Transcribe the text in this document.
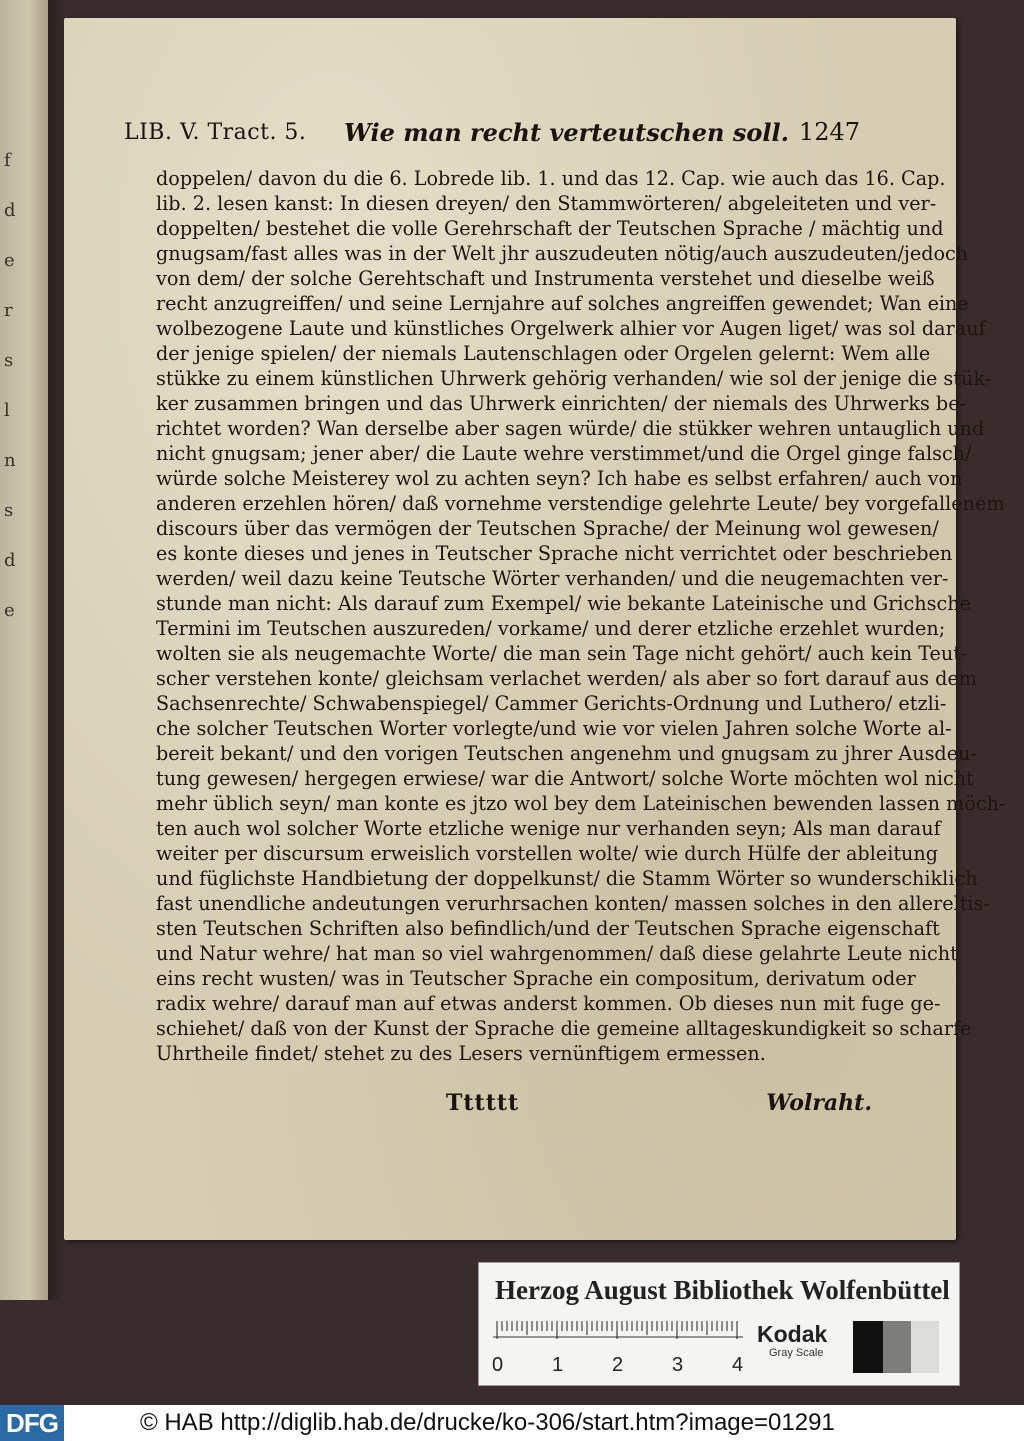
f
d
e
r
s
l
n
s
d
e
LIB. V. Tract. 5. Wie man recht verteutschen soll. 1247
doppelen/ davon du die 6. Lobrede lib. 1. und das 12. Cap. wie auch das 16. Cap.
lib. 2. lesen kanst: In diesen dreyen/ den Stammwörteren/ abgeleiteten und ver-
doppelten/ bestehet die volle Gerehrschaft der Teutschen Sprache / mächtig und
gnugsam/fast alles was in der Welt jhr auszudeuten nötig/auch auszudeuten/jedoch
von dem/ der solche Gerehtschaft und Instrumenta verstehet und dieselbe weiß
recht anzugreiffen/ und seine Lernjahre auf solches angreiffen gewendet; Wan eine
wolbezogene Laute und künstliches Orgelwerk alhier vor Augen liget/ was sol darauf
der jenige spielen/ der niemals Lautenschlagen oder Orgelen gelernt: Wem alle
stükke zu einem künstlichen Uhrwerk gehörig verhanden/ wie sol der jenige die stük-
ker zusammen bringen und das Uhrwerk einrichten/ der niemals des Uhrwerks be-
richtet worden? Wan derselbe aber sagen würde/ die stükker wehren untauglich und
nicht gnugsam; jener aber/ die Laute wehre verstimmet/und die Orgel ginge falsch/
würde solche Meisterey wol zu achten seyn? Ich habe es selbst erfahren/ auch von
anderen erzehlen hören/ daß vornehme verstendige gelehrte Leute/ bey vorgefallenem
discours über das vermögen der Teutschen Sprache/ der Meinung wol gewesen/
es konte dieses und jenes in Teutscher Sprache nicht verrichtet oder beschrieben
werden/ weil dazu keine Teutsche Wörter verhanden/ und die neugemachten ver-
stunde man nicht: Als darauf zum Exempel/ wie bekante Lateinische und Grichsche
Termini im Teutschen auszureden/ vorkame/ und derer etzliche erzehlet wurden;
wolten sie als neugemachte Worte/ die man sein Tage nicht gehört/ auch kein Teut-
scher verstehen konte/ gleichsam verlachet werden/ als aber so fort darauf aus dem
Sachsenrechte/ Schwabenspiegel/ Cammer Gerichts-Ordnung und Luthero/ etzli-
che solcher Teutschen Worter vorlegte/und wie vor vielen Jahren solche Worte al-
bereit bekant/ und den vorigen Teutschen angenehm und gnugsam zu jhrer Ausdeu-
tung gewesen/ hergegen erwiese/ war die Antwort/ solche Worte möchten wol nicht
mehr üblich seyn/ man konte es jtzo wol bey dem Lateinischen bewenden lassen möch-
ten auch wol solcher Worte etzliche wenige nur verhanden seyn; Als man darauf
weiter per discursum erweislich vorstellen wolte/ wie durch Hülfe der ableitung
und füglichste Handbietung der doppelkunst/ die Stamm Wörter so wunderschiklich
fast unendliche andeutungen verurhrsachen konten/ massen solches in den allereltis-
sten Teutschen Schriften also befindlich/und der Teutschen Sprache eigenschaft
und Natur wehre/ hat man so viel wahrgenommen/ daß diese gelahrte Leute nicht
eins recht wusten/ was in Teutscher Sprache ein compositum, derivatum oder
radix wehre/ darauf man auf etwas anderst kommen. Ob dieses nun mit fuge ge-
schiehet/ daß von der Kunst der Sprache die gemeine alltageskundigkeit so scharfe
Uhrtheile findet/ stehet zu des Lesers vernünftigem ermessen.
Tttttt	Wolraht.
Herzog August Bibliothek Wolfenbüttel
0 1 2 3 4
Kodak
Gray Scale
DFG	© HAB http://diglib.hab.de/drucke/ko-306/start.htm?image=01291
